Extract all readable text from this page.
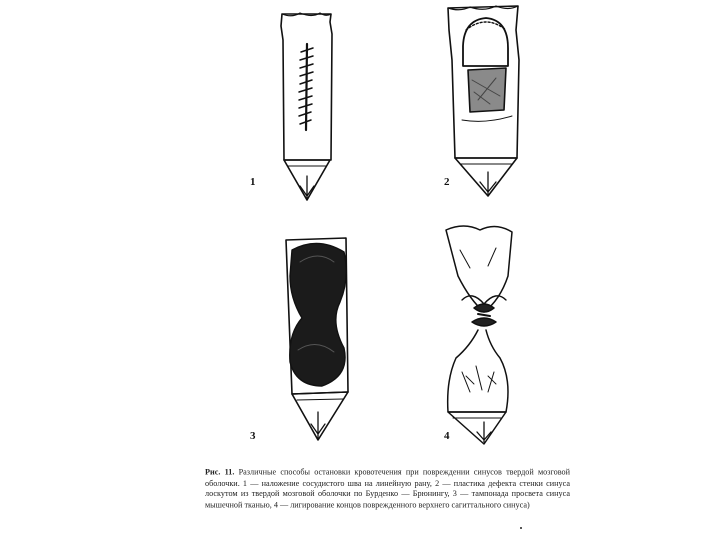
1	2
3	4
Рис. 11. Различные способы остановки кровотечения при повреждении синусов твердой мозговой оболочки. 1 — наложение сосудистого шва на линейную рану, 2 — пластика дефекта стенки синуса лоскутом из твердой мозговой оболочки по Бурденко — Брюнингу, 3 — тампонада просвета синуса мышечной тканью, 4 — лигирование концов поврежденного верхнего сагиттального синуса)
